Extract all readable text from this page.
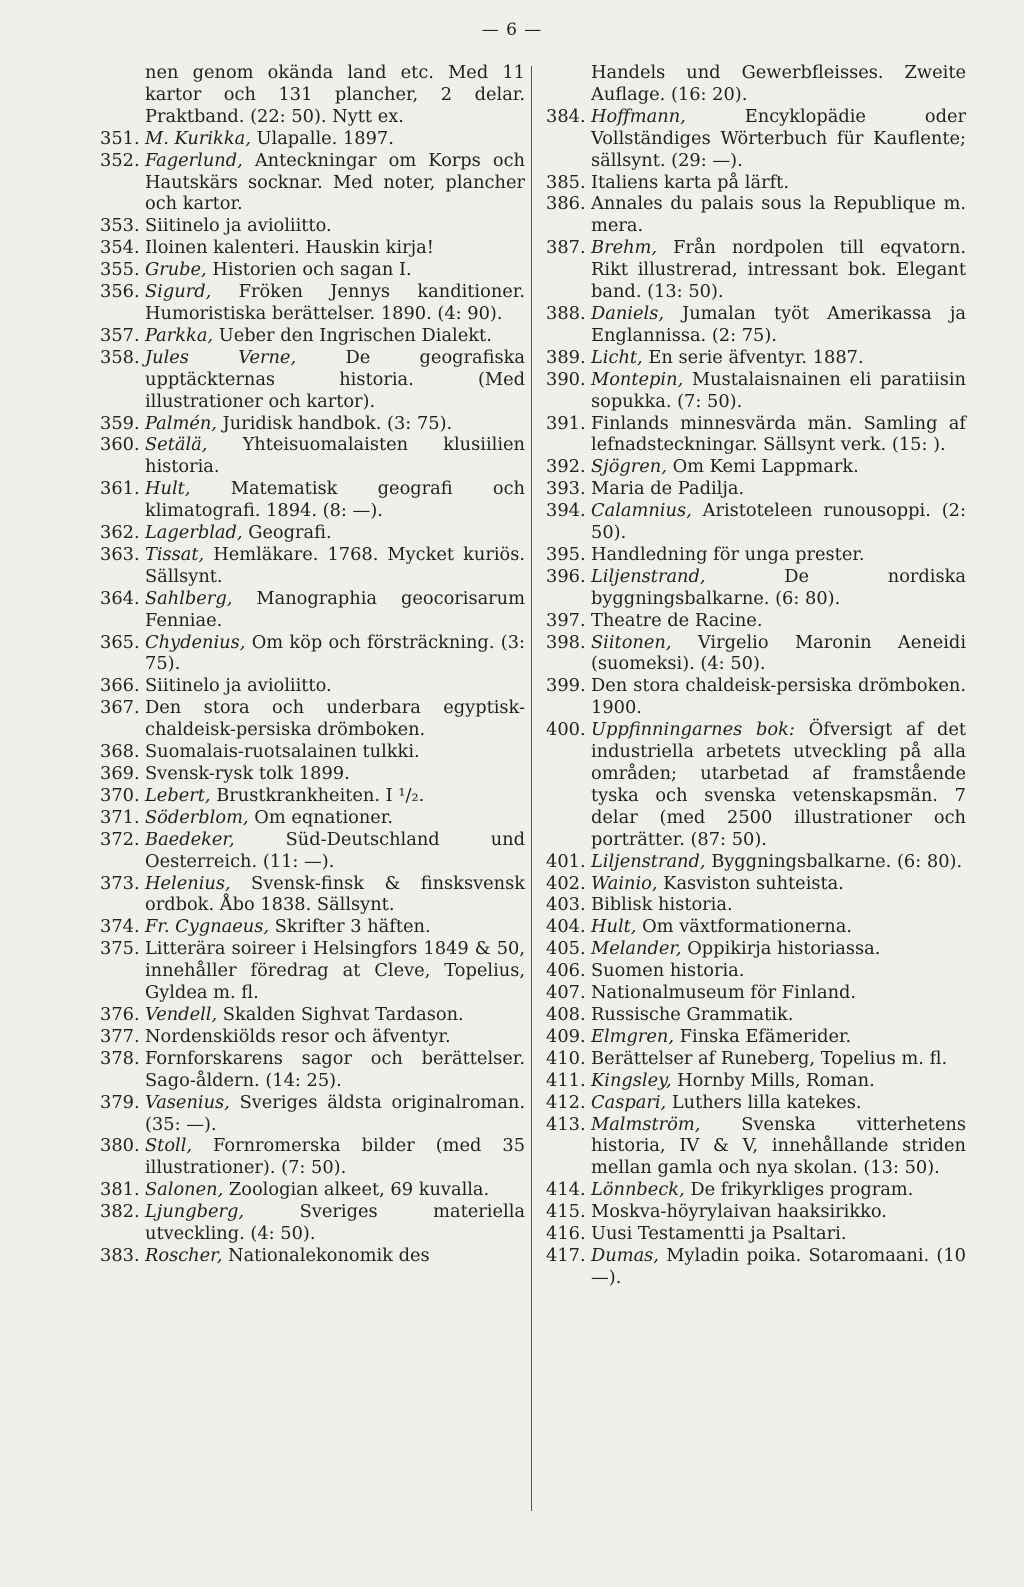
— 6 —
nen genom okända land etc. Med 11 kartor och 131 plancher, 2 delar. Praktband. (22: 50). Nytt ex.
351. M. Kurikka, Ulapalle. 1897.
352. Fagerlund, Anteckningar om Korps och Hautskärs socknar. Med noter, plancher och kartor.
353. Siitinelo ja avioliitto.
354. Iloinen kalenteri. Hauskin kirja!
355. Grube, Historien och sagan I.
356. Sigurd, Fröken Jennys kanditioner. Humoristiska berättelser. 1890. (4: 90).
357. Parkka, Ueber den Ingrischen Dialekt.
358. Jules Verne,	De geografiska upptäckternas historia. (Med illustrationer och kartor).
359. Palmén, Juridisk handbok. (3: 75).
360. Setälä, Yhteisuomalaisten klusiilien historia.
361. Hult, Matematisk geografi och klimatografi. 1894. (8: —).
362. Lagerblad, Geografi.
363. Tissat, Hemläkare. 1768. Mycket kuriös. Sällsynt.
364. Sahlberg, Manographia geocorisarum Fenniae.
365. Chydenius, Om köp och försträckning. (3: 75).
366. Siitinelo ja avioliitto.
367. Den stora och underbara egyptisk-chaldeisk-persiska drömboken.
368. Suomalais-ruotsalainen tulkki.
369. Svensk-rysk tolk 1899.
370. Lebert, Brustkrankheiten. I ¹/₂.
371. Söderblom, Om eqnationer.
372. Baedeker,	Süd-Deutschland und Oesterreich. (11: —).
373. Helenius, Svensk-finsk & finsksvensk ordbok. Åbo 1838. Sällsynt.
374. Fr. Cygnaeus, Skrifter 3 häften.
375. Litterära soireer i Helsingfors 1849 & 50, innehåller föredrag at Cleve, Topelius, Gyldea m. fl.
376. Vendell, Skalden Sighvat Tardason.
377. Nordenskiölds resor och äfventyr.
378. Fornforskarens sagor och berättelser. Sago-åldern. (14: 25).
379. Vasenius, Sveriges äldsta originalroman. (35: —).
380. Stoll, Fornromerska bilder (med 35 illustrationer). (7: 50).
381. Salonen, Zoologian alkeet, 69 kuvalla.
382. Ljungberg,	Sveriges materiella utveckling. (4: 50).
383. Roscher, Nationalekonomik des
Handels und Gewerbfleisses. Zweite Auflage. (16: 20).
384. Hoffmann,	Encyklopädie oder Vollständiges Wörterbuch für Kauflente; sällsynt. (29: —).
385. Italiens karta på lärft.
386. Annales du palais sous la Republique m. mera.
387. Brehm, Från nordpolen till eqvatorn. Rikt illustrerad, intressant bok. Elegant band. (13: 50).
388. Daniels, Jumalan työt Amerikassa ja Englannissa. (2: 75).
389. Licht, En serie äfventyr. 1887.
390. Montepin, Mustalaisnainen eli paratiisin sopukka. (7: 50).
391. Finlands minnesvärda män. Samling af lefnadsteckningar. Sällsynt verk. (15: ).
392. Sjögren, Om Kemi Lappmark.
393. Maria de Padilja.
394. Calamnius, Aristoteleen runousoppi. (2: 50).
395. Handledning för unga prester.
396. Liljenstrand,	De nordiska byggningsbalkarne. (6: 80).
397. Theatre de Racine.
398. Siitonen, Virgelio Maronin Aeneidi (suomeksi). (4: 50).
399. Den stora chaldeisk-persiska drömboken. 1900.
400. Uppfinningarnes bok: Öfversigt af det industriella arbetets utveckling på alla områden; utarbetad af framstående tyska och svenska vetenskapsmän. 7 delar (med 2500 illustrationer och porträtter. (87: 50).
401. Liljenstrand, Byggningsbalkarne. (6: 80).
402. Wainio, Kasviston suhteista.
403. Biblisk historia.
404. Hult, Om växtformationerna.
405. Melander, Oppikirja historiassa.
406. Suomen historia.
407. Nationalmuseum för Finland.
408. Russische Grammatik.
409. Elmgren, Finska Efämerider.
410. Berättelser af Runeberg, Topelius m. fl.
411. Kingsley, Hornby Mills, Roman.
412. Caspari, Luthers lilla katekes.
413. Malmström, Svenska vitterhetens historia, IV & V, innehållande striden mellan gamla och nya skolan. (13: 50).
414. Lönnbeck, De frikyrkliges program.
415. Moskva-höyrylaivan haaksirikko.
416. Uusi Testamentti ja Psaltari.
417. Dumas, Myladin poika. Sotaromaani. (10 —).
